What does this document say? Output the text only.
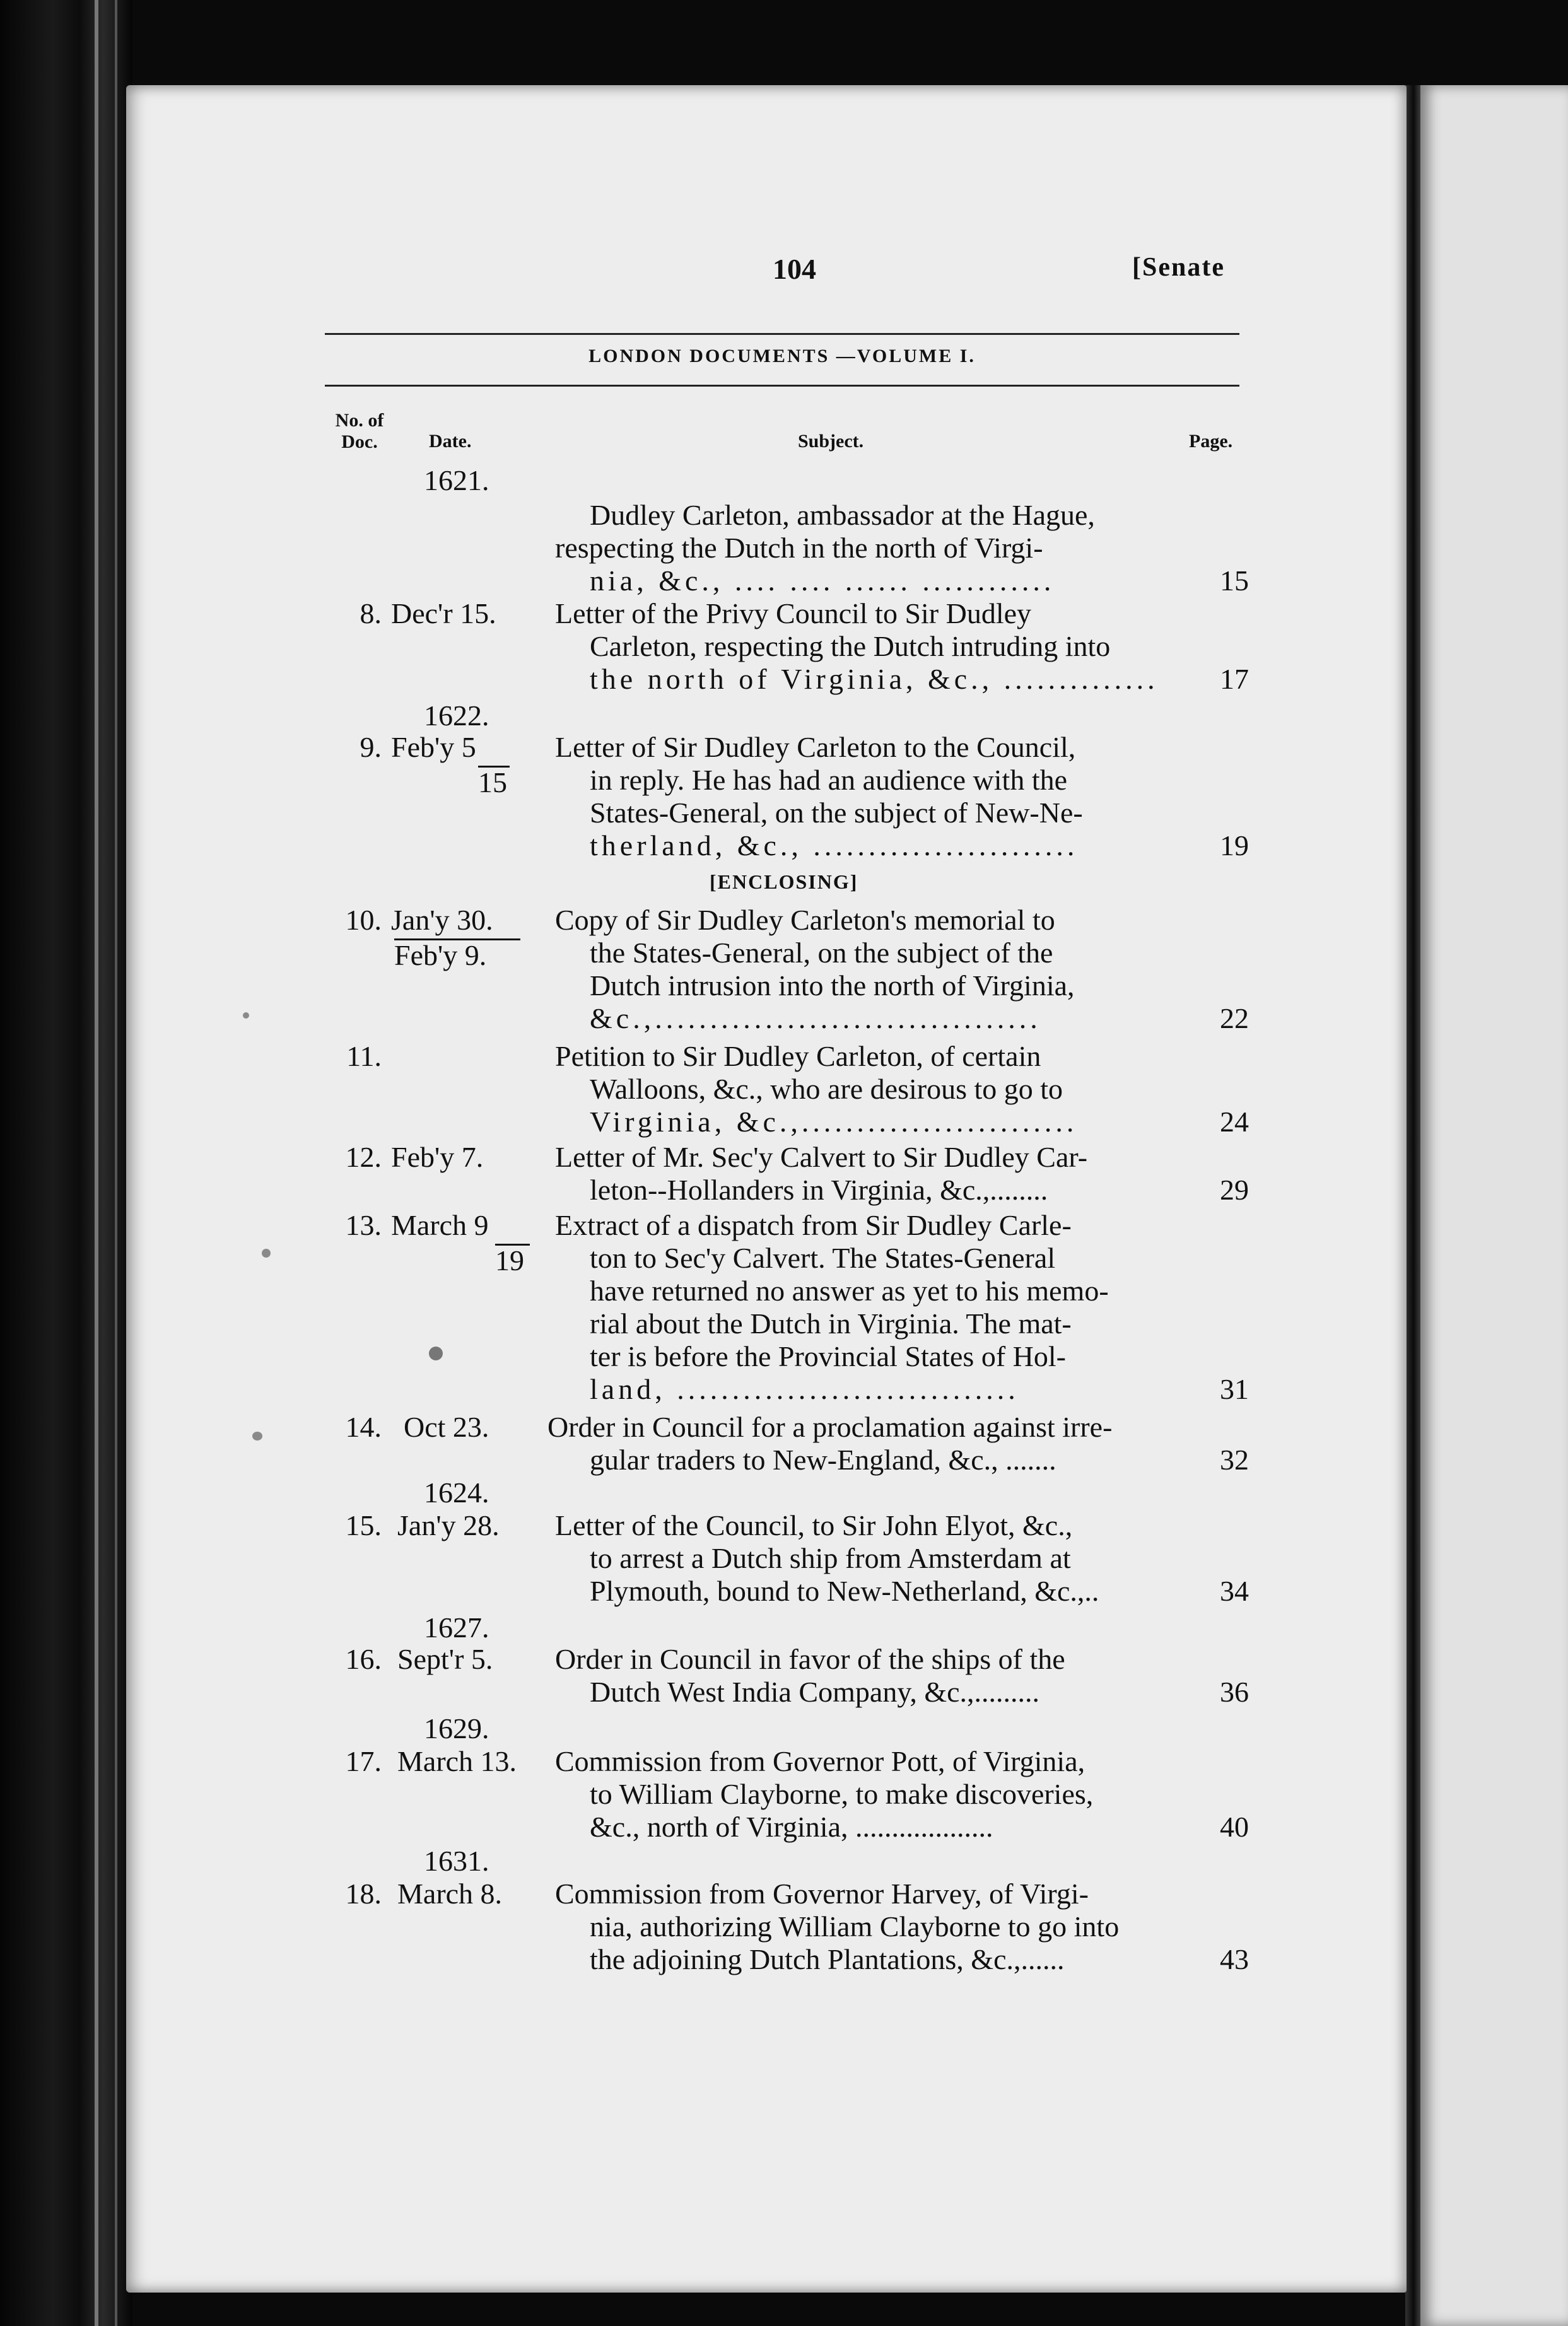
104	[Senate
LONDON DOCUMENTS —VOLUME I.
No. of
Doc.	Date.	Subject.	Page.
1621.
Dudley Carleton, ambassador at the Hague,
respecting the Dutch in the north of Virgi-
nia, &c., .... .... ...... ............	15
8. Dec'r 15. Letter of the Privy Council to Sir Dudley
Carleton, respecting the Dutch intruding into
the north of Virginia, &c., ..............	17
1622.
9. Feb'y 5
15
Letter of Sir Dudley Carleton to the Council,
in reply. He has had an audience with the
States-General, on the subject of New-Ne-
therland, &c., ........................	19
[ENCLOSING]
10. Jan'y 30.
Feb'y 9.
Copy of Sir Dudley Carleton's memorial to
the States-General, on the subject of the
Dutch intrusion into the north of Virginia,
&c.,...................................	22
11.	Petition to Sir Dudley Carleton, of certain
Walloons, &c., who are desirous to go to
Virginia, &c.,.........................	24
12. Feb'y 7. Letter of Mr. Sec'y Calvert to Sir Dudley Car-
leton--Hollanders in Virginia, &c.,........	29
13. March 9
19
Extract of a dispatch from Sir Dudley Carle-
ton to Sec'y Calvert. The States-General
have returned no answer as yet to his memo-
rial about the Dutch in Virginia. The mat-
ter is before the Provincial States of Hol-
land, ...............................	31
14. Oct 23. Order in Council for a proclamation against irre-
gular traders to New-England, &c., .......	32
1624.
15. Jan'y 28. Letter of the Council, to Sir John Elyot, &c.,
to arrest a Dutch ship from Amsterdam at
Plymouth, bound to New-Netherland, &c.,..	34
1627.
16. Sept'r 5. Order in Council in favor of the ships of the
Dutch West India Company, &c.,.........	36
1629.
17. March 13. Commission from Governor Pott, of Virginia,
to William Clayborne, to make discoveries,
&c., north of Virginia, ...................	40
1631.
18. March 8. Commission from Governor Harvey, of Virgi-
nia, authorizing William Clayborne to go into
the adjoining Dutch Plantations, &c.,......	43
